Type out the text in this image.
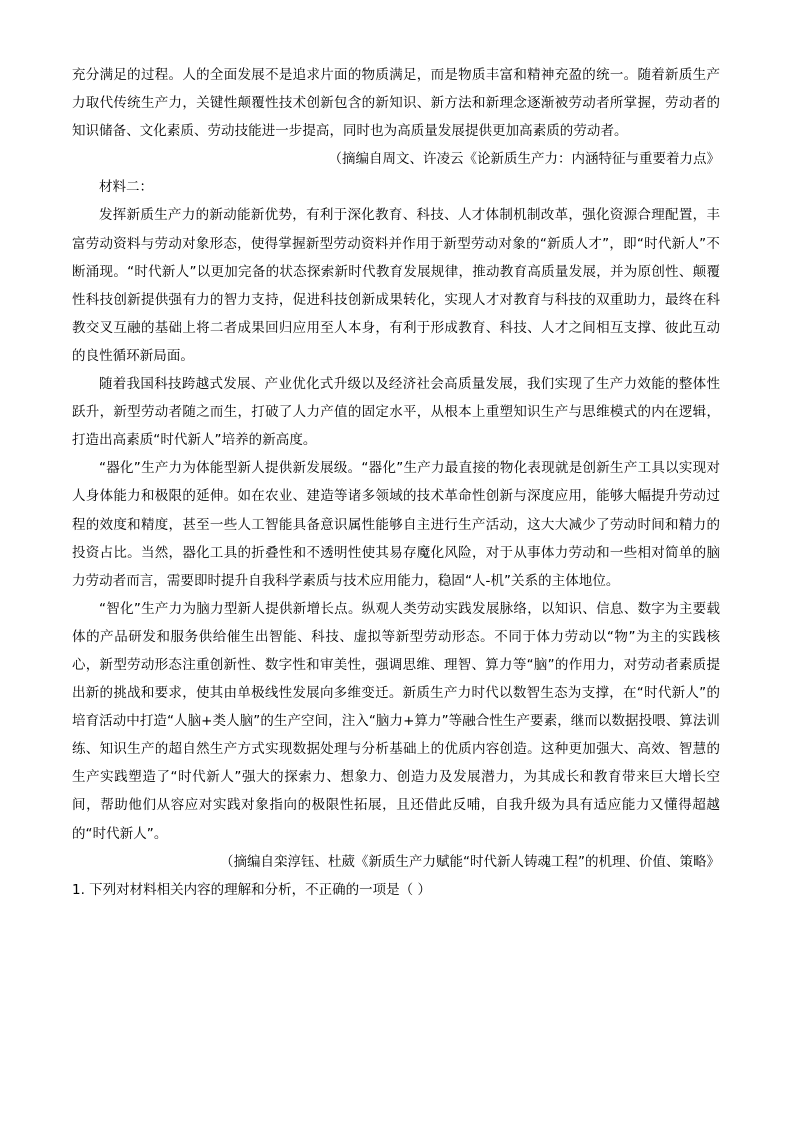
充分满足的过程。人的全面发展不是追求片面的物质满足，而是物质丰富和精神充盈的统一。随着新质生产力取代传统生产力，关键性颠覆性技术创新包含的新知识、新方法和新理念逐渐被劳动者所掌握，劳动者的知识储备、文化素质、劳动技能进一步提高，同时也为高质量发展提供更加高素质的劳动者。

（摘编自周文、许凌云《论新质生产力：内涵特征与重要着力点》

材料二：

发挥新质生产力的新动能新优势，有利于深化教育、科技、人才体制机制改革，强化资源合理配置，丰富劳动资料与劳动对象形态，使得掌握新型劳动资料并作用于新型劳动对象的“新质人才”，即“时代新人”不断涌现。“时代新人”以更加完备的状态探索新时代教育发展规律，推动教育高质量发展，并为原创性、颠覆性科技创新提供强有力的智力支持，促进科技创新成果转化，实现人才对教育与科技的双重助力，最终在科教交叉互融的基础上将二者成果回归应用至人本身，有利于形成教育、科技、人才之间相互支撑、彼此互动的良性循环新局面。

随着我国科技跨越式发展、产业优化式升级以及经济社会高质量发展，我们实现了生产力效能的整体性跃升，新型劳动者随之而生，打破了人力产值的固定水平，从根本上重塑知识生产与思维模式的内在逻辑，打造出高素质“时代新人”培养的新高度。

“器化”生产力为体能型新人提供新发展级。“器化”生产力最直接的物化表现就是创新生产工具以实现对人身体能力和极限的延伸。如在农业、建造等诸多领域的技术革命性创新与深度应用，能够大幅提升劳动过程的效度和精度，甚至一些人工智能具备意识属性能够自主进行生产活动，这大大减少了劳动时间和精力的投资占比。当然，器化工具的折叠性和不透明性使其易存魔化风险，对于从事体力劳动和一些相对简单的脑力劳动者而言，需要即时提升自我科学素质与技术应用能力，稳固“人-机”关系的主体地位。

“智化”生产力为脑力型新人提供新增长点。纵观人类劳动实践发展脉络，以知识、信息、数字为主要载体的产品研发和服务供给催生出智能、科技、虚拟等新型劳动形态。不同于体力劳动以“物”为主的实践核心，新型劳动形态注重创新性、数字性和审美性，强调思维、理智、算力等“脑”的作用力，对劳动者素质提出新的挑战和要求，使其由单极线性发展向多维变迁。新质生产力时代以数智生态为支撑，在“时代新人”的培育活动中打造“人脑+类人脑”的生产空间，注入“脑力+算力”等融合性生产要素，继而以数据投喂、算法训练、知识生产的超自然生产方式实现数据处理与分析基础上的优质内容创造。这种更加强大、高效、智慧的生产实践塑造了“时代新人”强大的探索力、想象力、创造力及发展潜力，为其成长和教育带来巨大增长空间，帮助他们从容应对实践对象指向的极限性拓展，且还借此反哺，自我升级为具有适应能力又懂得超越的“时代新人”。

（摘编自栾淳钰、杜葳《新质生产力赋能“时代新人铸魂工程”的机理、价值、策略》

1. 下列对材料相关内容的理解和分析，不正确的一项是（ ）
